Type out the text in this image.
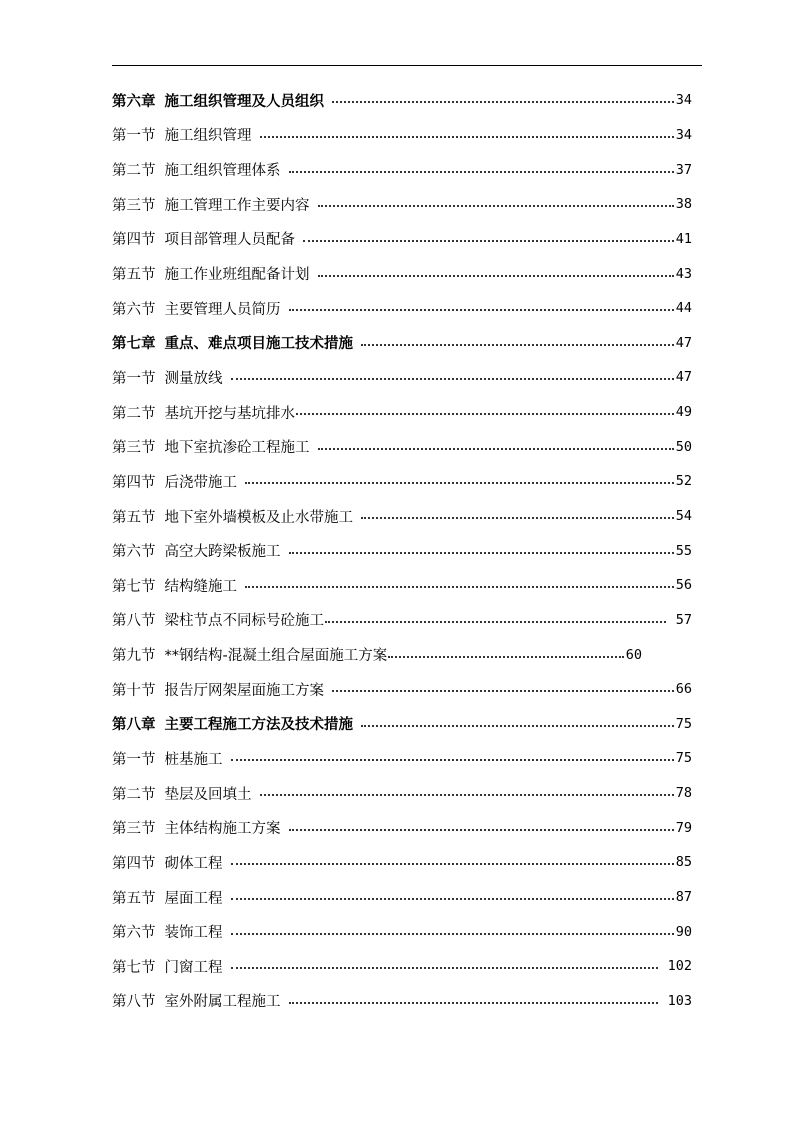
第六章 施工组织管理及人员组织	34
第一节 施工组织管理	34
第二节 施工组织管理体系	37
第三节 施工管理工作主要内容	38
第四节 项目部管理人员配备	41
第五节 施工作业班组配备计划	43
第六节 主要管理人员简历	44
第七章 重点、难点项目施工技术措施	47
第一节 测量放线	47
第二节 基坑开挖与基坑排水	49
第三节 地下室抗渗砼工程施工	50
第四节 后浇带施工	52
第五节 地下室外墙模板及止水带施工	54
第六节 高空大跨梁板施工	55
第七节 结构缝施工	56
第八节 梁柱节点不同标号砼施工	57
第九节 **钢结构-混凝土组合屋面施工方案	60
第十节 报告厅网架屋面施工方案	66
第八章 主要工程施工方法及技术措施	75
第一节 桩基施工	75
第二节 垫层及回填土	78
第三节 主体结构施工方案	79
第四节 砌体工程	85
第五节 屋面工程	87
第六节 装饰工程	90
第七节 门窗工程	102
第八节 室外附属工程施工	103
